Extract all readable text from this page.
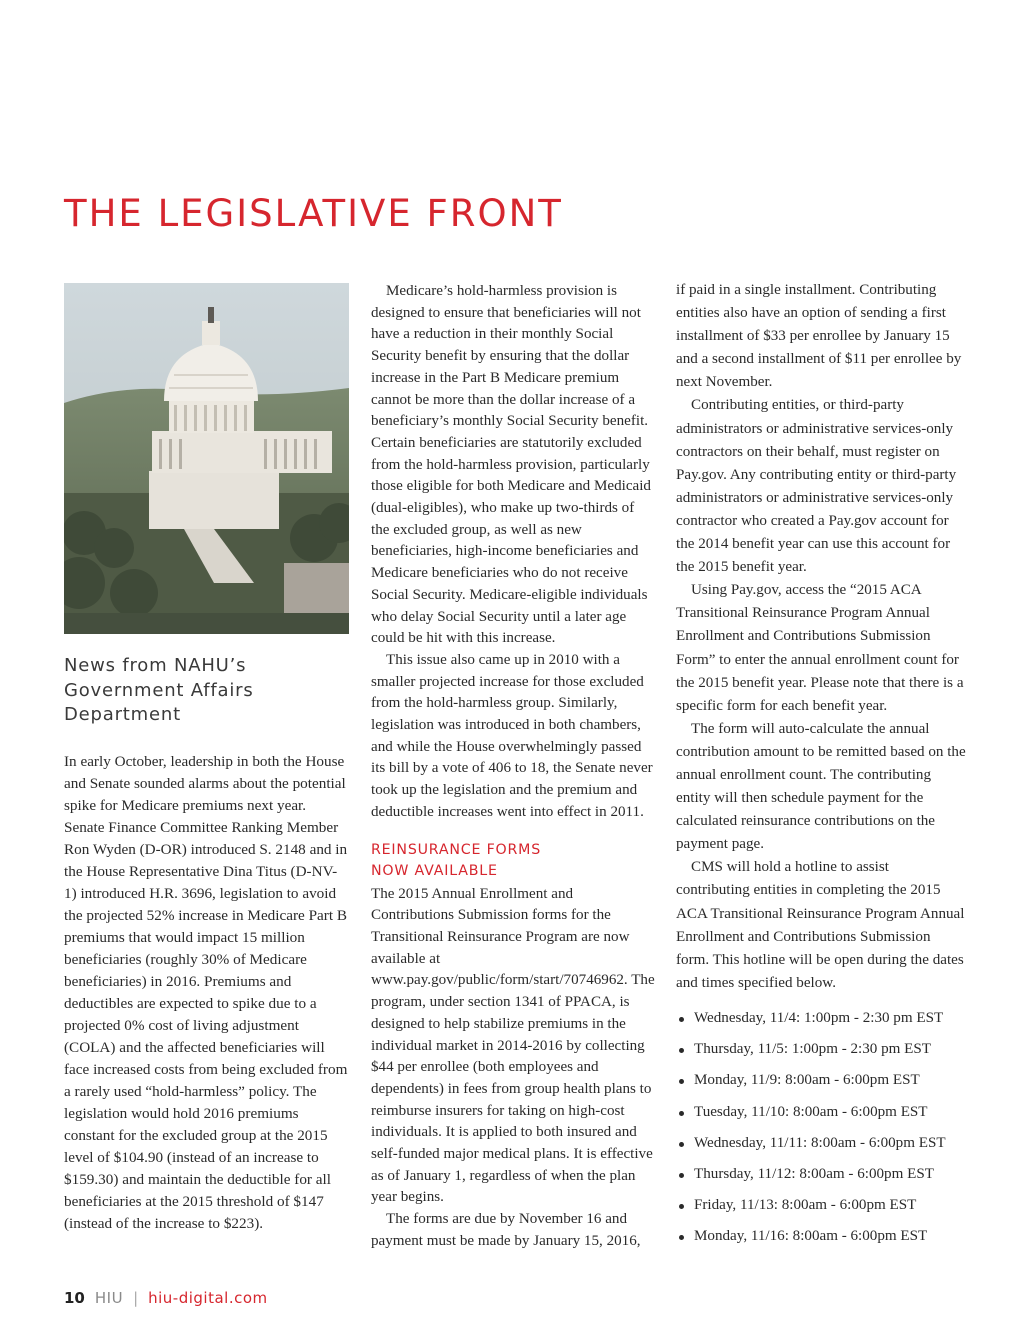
THE LEGISLATIVE FRONT
News from NAHU’s Government Affairs Department

In early October, leadership in both the House and Senate sounded alarms about the potential spike for Medicare premiums next year. Senate Finance Committee Ranking Member Ron Wyden (D-OR) introduced S. 2148 and in the House Representative Dina Titus (D-NV-1) introduced H.R. 3696, legislation to avoid the projected 52% increase in Medicare Part B premiums that would impact 15 million beneficiaries (roughly 30% of Medicare beneficiaries) in 2016. Premiums and deductibles are expected to spike due to a projected 0% cost of living adjustment (COLA) and the affected beneficiaries will face increased costs from being excluded from a rarely used “hold-harmless” policy. The legislation would hold 2016 premiums constant for the excluded group at the 2015 level of $104.90 (instead of an increase to $159.30) and maintain the deductible for all beneficiaries at the 2015 threshold of $147 (instead of the increase to $223).

Medicare’s hold-harmless provision is designed to ensure that beneficiaries will not have a reduction in their monthly Social Security benefit by ensuring that the dollar increase in the Part B Medicare premium cannot be more than the dollar increase of a beneficiary’s monthly Social Security benefit. Certain beneficiaries are statutorily excluded from the hold-harmless provision, particularly those eligible for both Medicare and Medicaid (dual-eligibles), who make up two-thirds of the excluded group, as well as new beneficiaries, high-income beneficiaries and Medicare beneficiaries who do not receive Social Security. Medicare-eligible individuals who delay Social Security until a later age could be hit with this increase.

This issue also came up in 2010 with a smaller projected increase for those excluded from the hold-harmless group. Similarly, legislation was introduced in both chambers, and while the House overwhelmingly passed its bill by a vote of 406 to 18, the Senate never took up the legislation and the premium and deductible increases went into effect in 2011.

REINSURANCE FORMS
NOW AVAILABLE

The 2015 Annual Enrollment and Contributions Submission forms for the Transitional Reinsurance Program are now available at www.pay.gov/public/form/start/70746962. The program, under section 1341 of PPACA, is designed to help stabilize premiums in the individual market in 2014-2016 by collecting $44 per enrollee (both employees and dependents) in fees from group health plans to reimburse insurers for taking on high-cost individuals. It is applied to both insured and self-funded major medical plans. It is effective as of January 1, regardless of when the plan year begins.

The forms are due by November 16 and payment must be made by January 15, 2016,

if paid in a single installment. Contributing entities also have an option of sending a first installment of $33 per enrollee by January 15 and a second installment of $11 per enrollee by next November.

Contributing entities, or third-party administrators or administrative services-only contractors on their behalf, must register on Pay.gov. Any contributing entity or third-party administrators or administrative services-only contractor who created a Pay.gov account for the 2014 benefit year can use this account for the 2015 benefit year.

Using Pay.gov, access the “2015 ACA Transitional Reinsurance Program Annual Enrollment and Contributions Submission Form” to enter the annual enrollment count for the 2015 benefit year. Please note that there is a specific form for each benefit year.

The form will auto-calculate the annual contribution amount to be remitted based on the annual enrollment count. The contributing entity will then schedule payment for the calculated reinsurance contributions on the payment page.

CMS will hold a hotline to assist contributing entities in completing the 2015 ACA Transitional Reinsurance Program Annual Enrollment and Contributions Submission form. This hotline will be open during the dates and times specified below.

Wednesday, 11/4: 1:00pm - 2:30 pm EST
Thursday, 11/5: 1:00pm - 2:30 pm EST
Monday, 11/9: 8:00am - 6:00pm EST
Tuesday, 11/10: 8:00am - 6:00pm EST
Wednesday, 11/11: 8:00am - 6:00pm EST
Thursday, 11/12: 8:00am - 6:00pm EST
Friday, 11/13: 8:00am - 6:00pm EST
Monday, 11/16: 8:00am - 6:00pm EST
10 HIU | hiu-digital.com
